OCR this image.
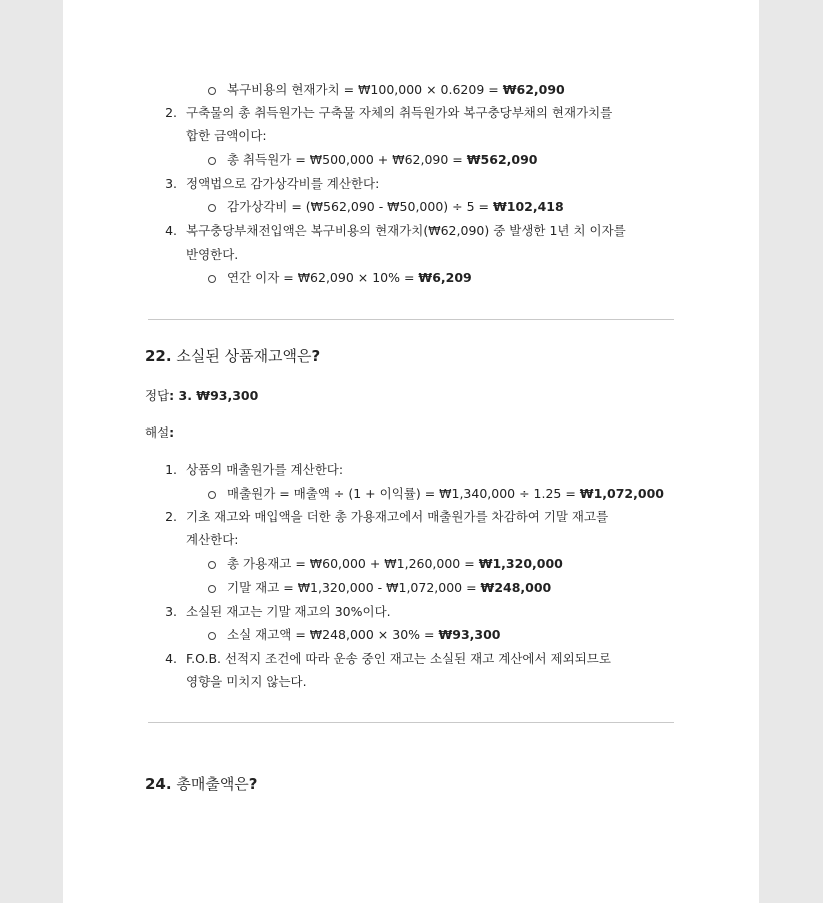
복구비용의 현재가치 = ₩100,000 × 0.6209 = ₩62,090
2. 구축물의 총 취득원가는 구축물 자체의 취득원가와 복구충당부채의 현재가치를
합한 금액이다:
총 취득원가 = ₩500,000 + ₩62,090 = ₩562,090
3. 정액법으로 감가상각비를 계산한다:
감가상각비 = (₩562,090 - ₩50,000) ÷ 5 = ₩102,418
4. 복구충당부채전입액은 복구비용의 현재가치(₩62,090) 중 발생한 1년 치 이자를
반영한다.
연간 이자 = ₩62,090 × 10% = ₩6,209
22. 소실된 상품재고액은?
정답: 3. ₩93,300
해설:
1. 상품의 매출원가를 계산한다:
매출원가 = 매출액 ÷ (1 + 이익률) = ₩1,340,000 ÷ 1.25 = ₩1,072,000
2. 기초 재고와 매입액을 더한 총 가용재고에서 매출원가를 차감하여 기말 재고를
계산한다:
총 가용재고 = ₩60,000 + ₩1,260,000 = ₩1,320,000
기말 재고 = ₩1,320,000 - ₩1,072,000 = ₩248,000
3. 소실된 재고는 기말 재고의 30%이다.
소실 재고액 = ₩248,000 × 30% = ₩93,300
4. F.O.B. 선적지 조건에 따라 운송 중인 재고는 소실된 재고 계산에서 제외되므로
영향을 미치지 않는다.
24. 총매출액은?
